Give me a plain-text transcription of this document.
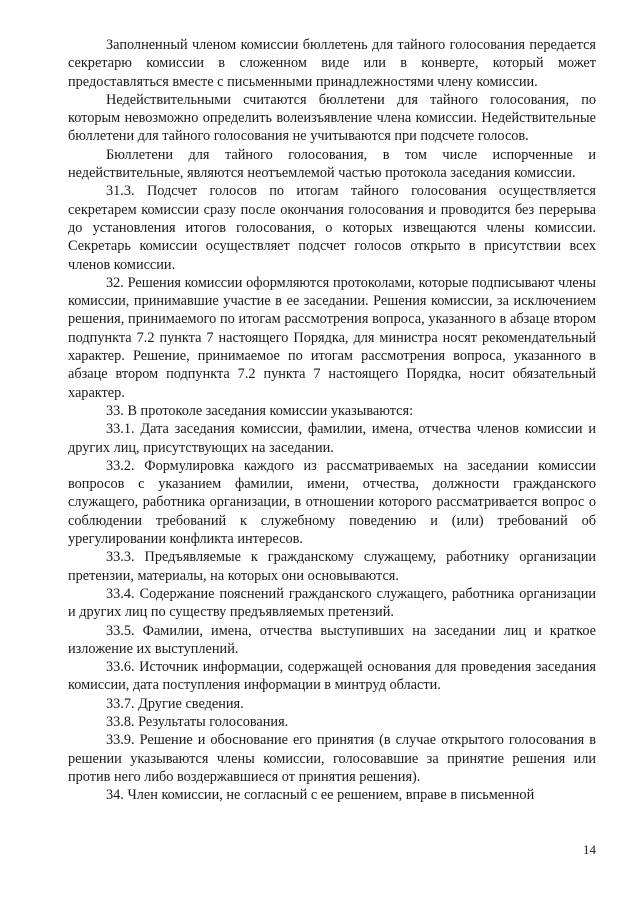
Заполненный членом комиссии бюллетень для тайного голосования передается секретарю комиссии в сложенном виде или в конверте, который может предоставляться вместе с письменными принадлежностями члену комиссии.

Недействительными считаются бюллетени для тайного голосования, по которым невозможно определить волеизъявление члена комиссии. Недействительные бюллетени для тайного голосования не учитываются при подсчете голосов.

Бюллетени для тайного голосования, в том числе испорченные и недействительные, являются неотъемлемой частью протокола заседания комиссии.

31.3. Подсчет голосов по итогам тайного голосования осуществляется секретарем комиссии сразу после окончания голосования и проводится без перерыва до установления итогов голосования, о которых извещаются члены комиссии. Секретарь комиссии осуществляет подсчет голосов открыто в присутствии всех членов комиссии.

32. Решения комиссии оформляются протоколами, которые подписывают члены комиссии, принимавшие участие в ее заседании. Решения комиссии, за исключением решения, принимаемого по итогам рассмотрения вопроса, указанного в абзаце втором подпункта 7.2 пункта 7 настоящего Порядка, для министра носят рекомендательный характер. Решение, принимаемое по итогам рассмотрения вопроса, указанного в абзаце втором подпункта 7.2 пункта 7 настоящего Порядка, носит обязательный характер.

33. В протоколе заседания комиссии указываются:

33.1. Дата заседания комиссии, фамилии, имена, отчества членов комиссии и других лиц, присутствующих на заседании.

33.2. Формулировка каждого из рассматриваемых на заседании комиссии вопросов с указанием фамилии, имени, отчества, должности гражданского служащего, работника организации, в отношении которого рассматривается вопрос о соблюдении требований к служебному поведению и (или) требований об урегулировании конфликта интересов.

33.3. Предъявляемые к гражданскому служащему, работнику организации претензии, материалы, на которых они основываются.

33.4. Содержание пояснений гражданского служащего, работника организации и других лиц по существу предъявляемых претензий.

33.5. Фамилии, имена, отчества выступивших на заседании лиц и краткое изложение их выступлений.

33.6. Источник информации, содержащей основания для проведения заседания комиссии, дата поступления информации в минтруд области.

33.7. Другие сведения.

33.8. Результаты голосования.

33.9. Решение и обоснование его принятия (в случае открытого голосования в решении указываются члены комиссии, голосовавшие за принятие решения или против него либо воздержавшиеся от принятия решения).

34. Член комиссии, не согласный с ее решением, вправе в письменной

14
